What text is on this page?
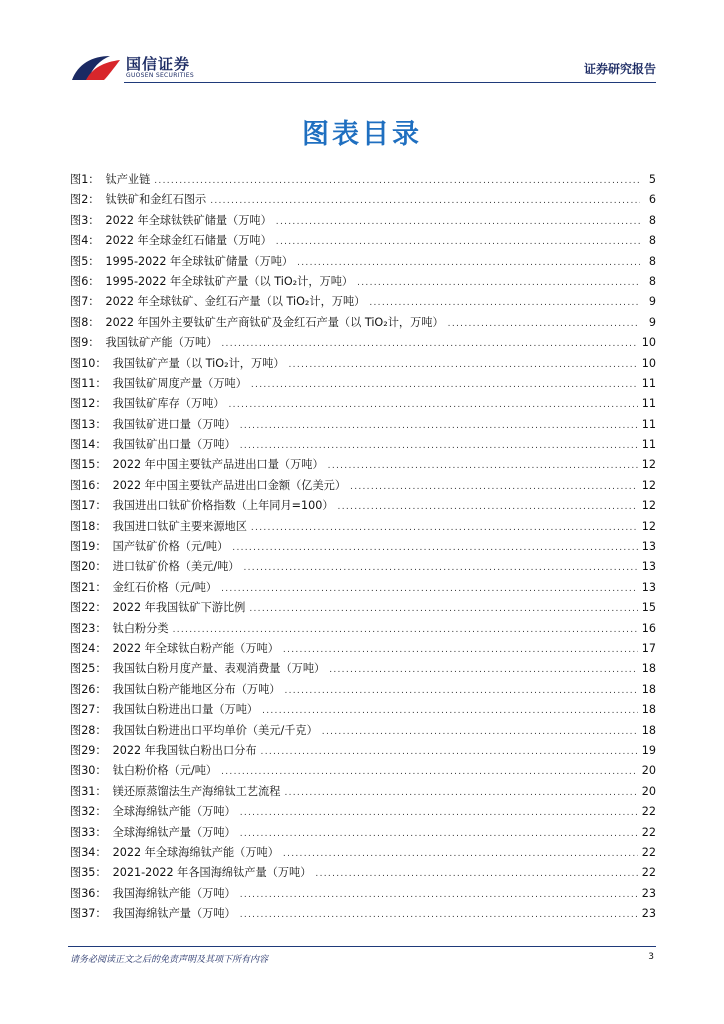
国信证券
GUOSEN SECURITIES	证券研究报告
图表目录
图1： 钛产业链 .....	5
图2： 钛铁矿和金红石图示 .....	6
图3： 2022 年全球钛铁矿储量（万吨） .....	8
图4： 2022 年全球金红石储量（万吨） .....	8
图5： 1995-2022 年全球钛矿储量（万吨） .....	8
图6： 1995-2022 年全球钛矿产量（以 TiO₂计，万吨） .....	8
图7： 2022 年全球钛矿、金红石产量（以 TiO₂计，万吨） .....	9
图8： 2022 年国外主要钛矿生产商钛矿及金红石产量（以 TiO₂计，万吨） .....	9
图9： 我国钛矿产能（万吨） .....	10
图10： 我国钛矿产量（以 TiO₂计，万吨） .....	10
图11： 我国钛矿周度产量（万吨） .....	11
图12： 我国钛矿库存（万吨） .....	11
图13： 我国钛矿进口量（万吨） .....	11
图14： 我国钛矿出口量（万吨） .....	11
图15： 2022 年中国主要钛产品进出口量（万吨） .....	12
图16： 2022 年中国主要钛产品进出口金额（亿美元） .....	12
图17： 我国进出口钛矿价格指数（上年同月=100） .....	12
图18： 我国进口钛矿主要来源地区 .....	12
图19： 国产钛矿价格（元/吨） .....	13
图20： 进口钛矿价格（美元/吨） .....	13
图21： 金红石价格（元/吨） .....	13
图22： 2022 年我国钛矿下游比例 .....	15
图23： 钛白粉分类 .....	16
图24： 2022 年全球钛白粉产能（万吨） .....	17
图25： 我国钛白粉月度产量、表观消费量（万吨） .....	18
图26： 我国钛白粉产能地区分布（万吨） .....	18
图27： 我国钛白粉进出口量（万吨） .....	18
图28： 我国钛白粉进出口平均单价（美元/千克） .....	18
图29： 2022 年我国钛白粉出口分布 .....	19
图30： 钛白粉价格（元/吨） .....	20
图31： 镁还原蒸馏法生产海绵钛工艺流程 .....	20
图32： 全球海绵钛产能（万吨） .....	22
图33： 全球海绵钛产量（万吨） .....	22
图34： 2022 年全球海绵钛产能（万吨） .....	22
图35： 2021-2022 年各国海绵钛产量（万吨） .....	22
图36： 我国海绵钛产能（万吨） .....	23
图37： 我国海绵钛产量（万吨） .....	23
请务必阅读正文之后的免责声明及其项下所有内容	3
